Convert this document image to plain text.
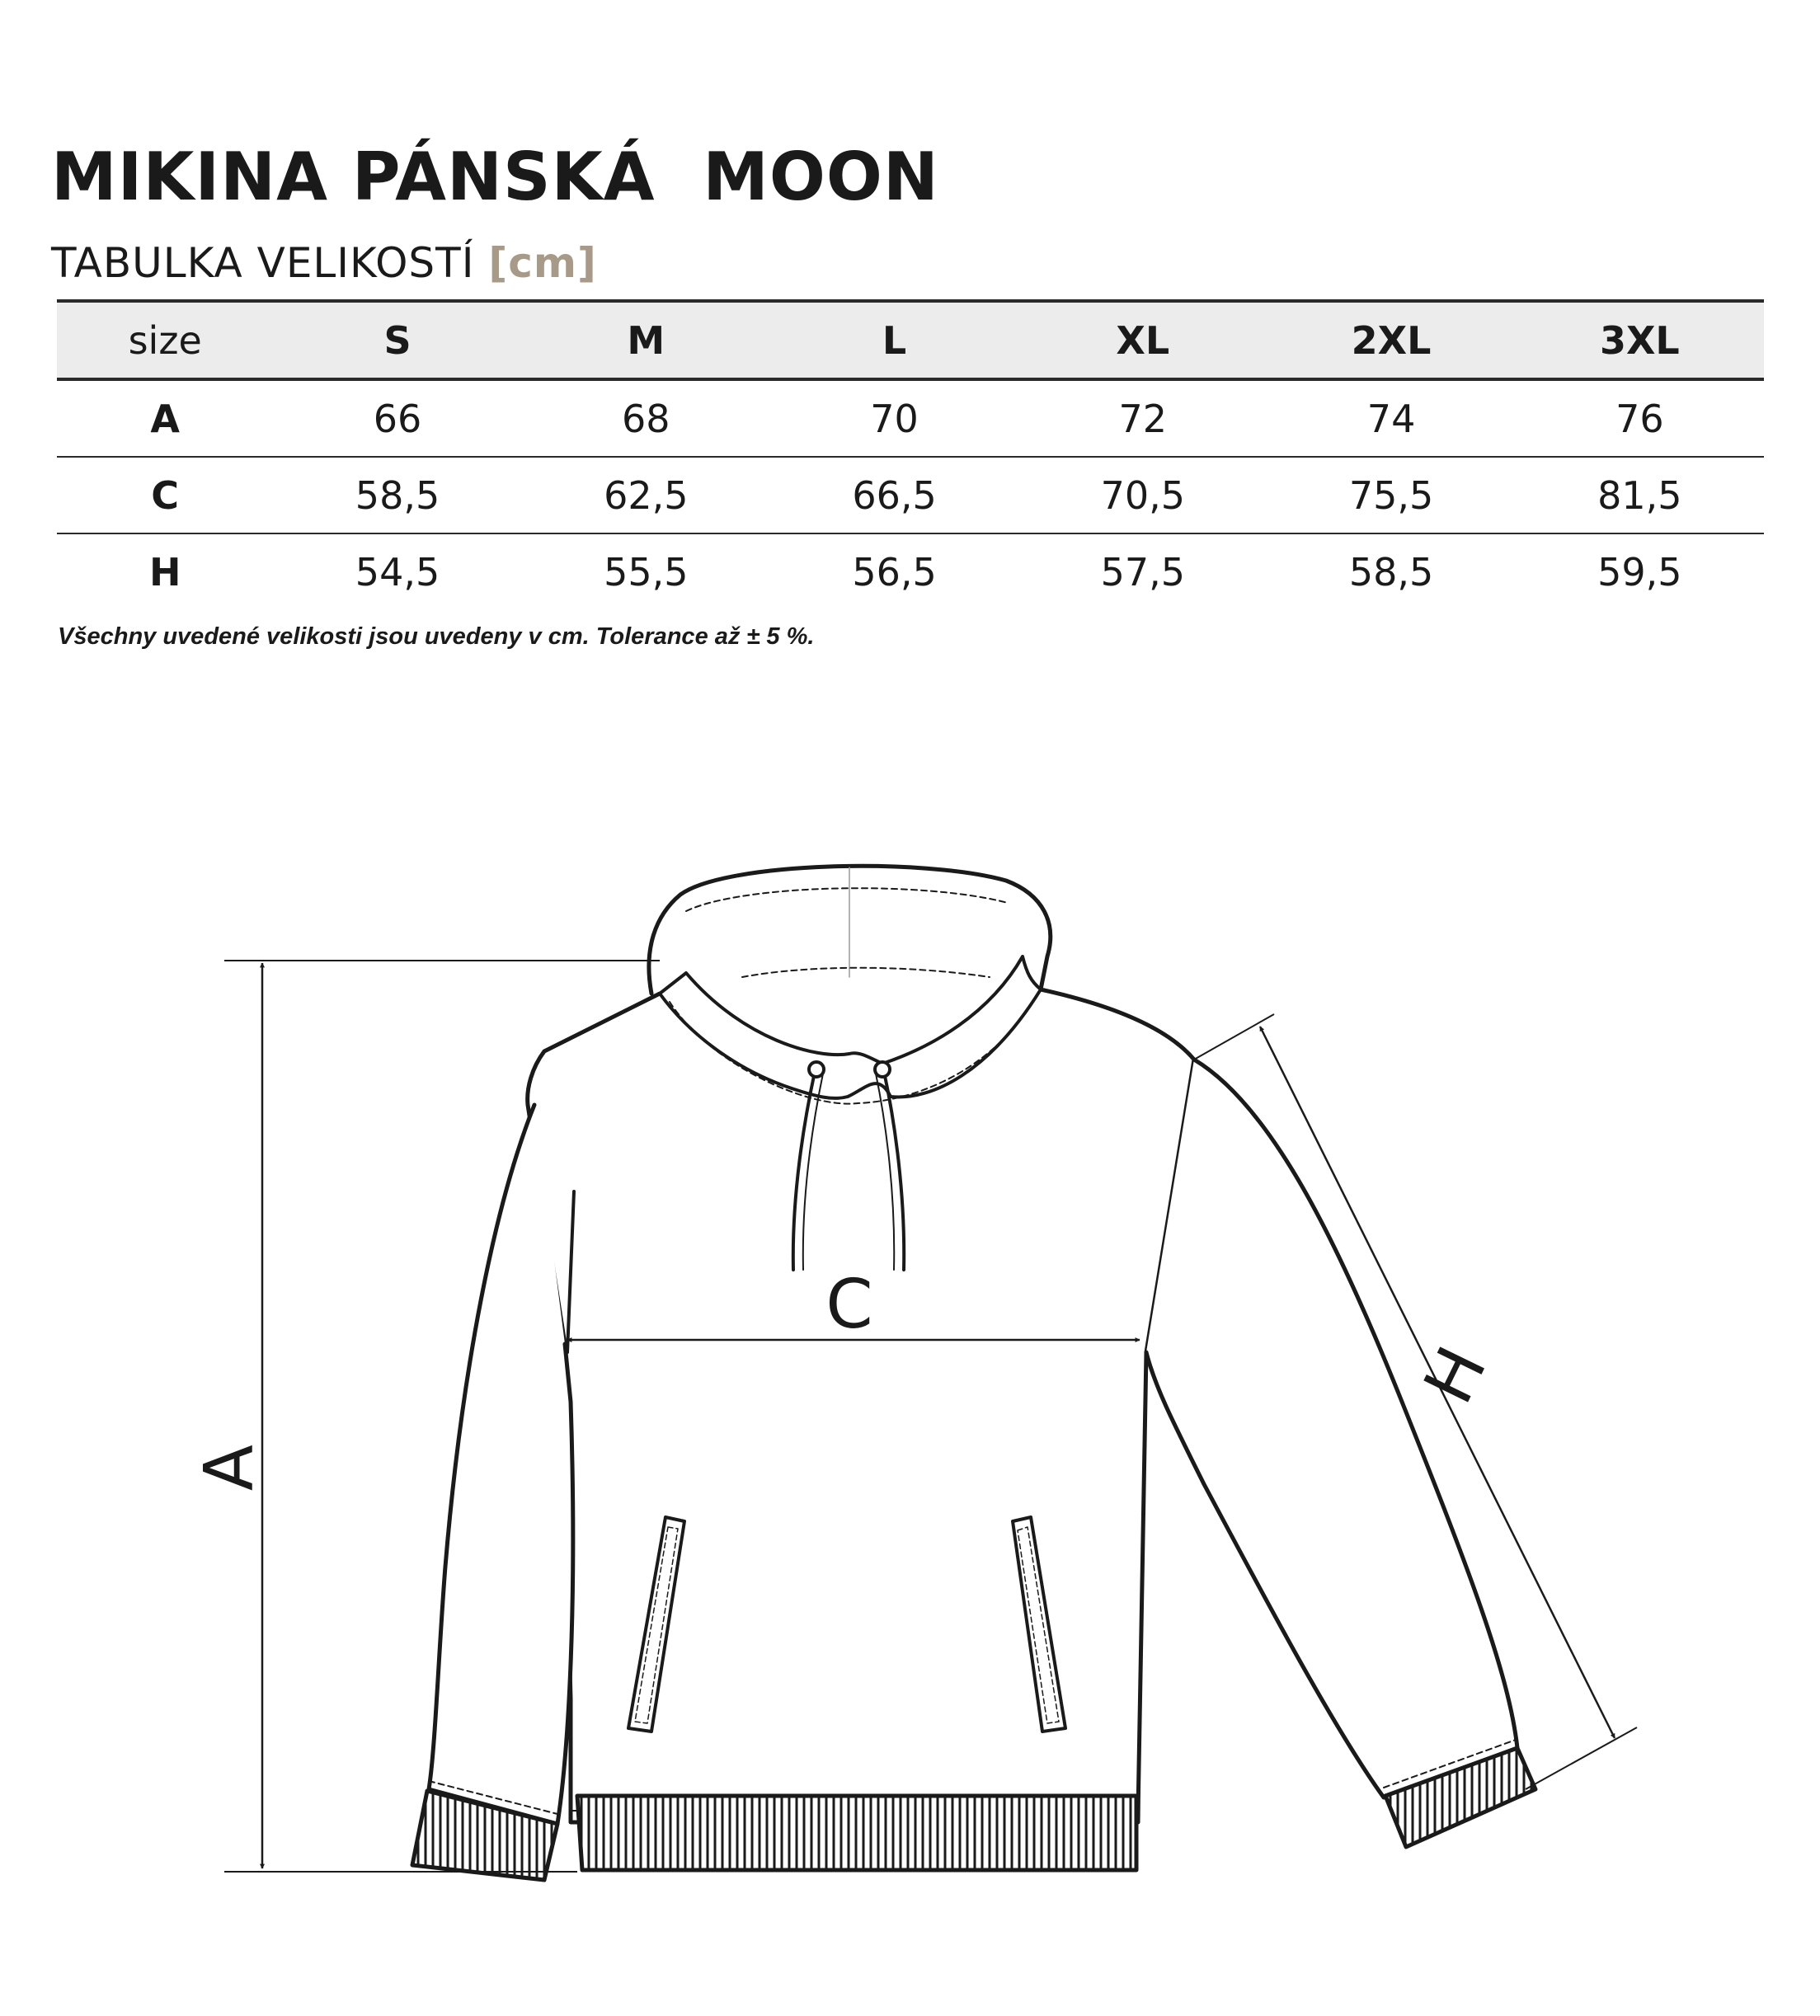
MIKINA PÁNSKÁ  MOON
TABULKA VELIKOSTÍ [cm]
size	S	M	L	XL	2XL	3XL
A	66	68	70	72	74	76
C	58,5	62,5	66,5	70,5	75,5	81,5
H	54,5	55,5	56,5	57,5	58,5	59,5

Všechny uvedené velikosti jsou uvedeny v cm. Tolerance až ± 5 %.

A
C
H
